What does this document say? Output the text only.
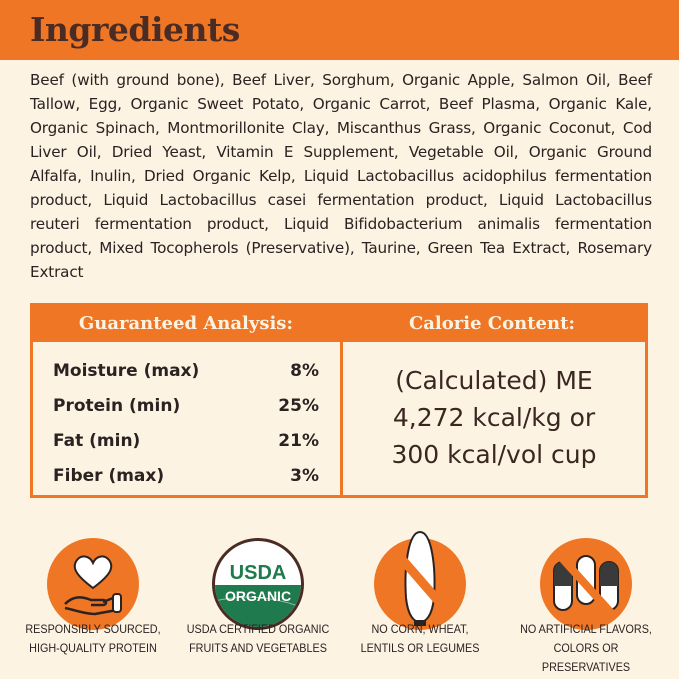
Ingredients

Beef (with ground bone), Beef Liver, Sorghum, Organic Apple, Salmon Oil, Beef Tallow, Egg, Organic Sweet Potato, Organic Carrot, Beef Plasma, Organic Kale, Organic Spinach, Montmorillonite Clay, Miscanthus Grass, Organic Coconut, Cod Liver Oil, Dried Yeast, Vitamin E Supplement, Vegetable Oil, Organic Ground Alfalfa, Inulin, Dried Organic Kelp, Liquid Lactobacillus acidophilus fermentation product, Liquid Lactobacillus casei fermentation product, Liquid Lactobacillus reuteri fermentation product, Liquid Bifidobacterium animalis fermentation product, Mixed Tocopherols (Preservative), Taurine, Green Tea Extract, Rosemary Extract

Guaranteed Analysis:	Calorie Content:
Moisture (max)	8%
Protein (min)	25%
Fat (min)	21%
Fiber (max)	3%
(Calculated) ME
4,272 kcal/kg or
300 kcal/vol cup
USDA
ORGANIC
RESPONSIBLY SOURCED,
HIGH-QUALITY PROTEIN
USDA CERTIFIED ORGANIC
FRUITS AND VEGETABLES
NO CORN, WHEAT,
LENTILS OR LEGUMES
NO ARTIFICIAL FLAVORS,
COLORS OR PRESERVATIVES
